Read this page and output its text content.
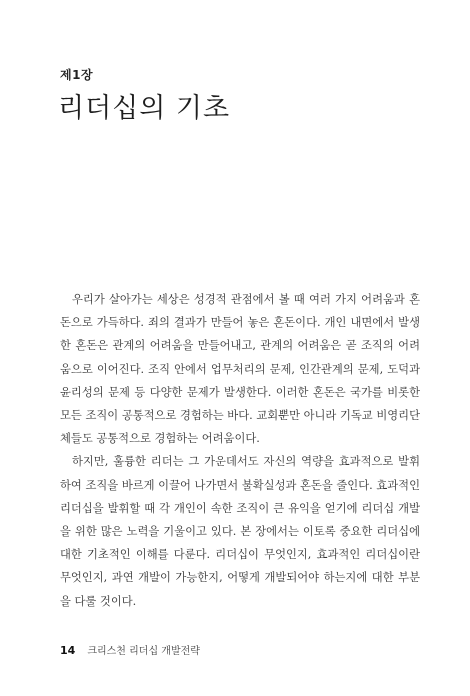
제1장
리더십의 기초

우리가 살아가는 세상은 성경적 관점에서 볼 때 여러 가지 어려움과 혼돈으로 가득하다. 죄의 결과가 만들어 놓은 혼돈이다. 개인 내면에서 발생한 혼돈은 관계의 어려움을 만들어내고, 관계의 어려움은 곧 조직의 어려움으로 이어진다. 조직 안에서 업무처리의 문제, 인간관계의 문제, 도덕과 윤리성의 문제 등 다양한 문제가 발생한다. 이러한 혼돈은 국가를 비롯한 모든 조직이 공통적으로 경험하는 바다. 교회뿐만 아니라 기독교 비영리단체들도 공통적으로 경험하는 어려움이다.

하지만, 훌륭한 리더는 그 가운데서도 자신의 역량을 효과적으로 발휘하여 조직을 바르게 이끌어 나가면서 불확실성과 혼돈을 줄인다. 효과적인 리더십을 발휘할 때 각 개인이 속한 조직이 큰 유익을 얻기에 리더십 개발을 위한 많은 노력을 기울이고 있다. 본 장에서는 이토록 중요한 리더십에 대한 기초적인 이해를 다룬다. 리더십이 무엇인지, 효과적인 리더십이란 무엇인지, 과연 개발이 가능한지, 어떻게 개발되어야 하는지에 대한 부분을 다룰 것이다.

14 크리스천 리더십 개발전략
